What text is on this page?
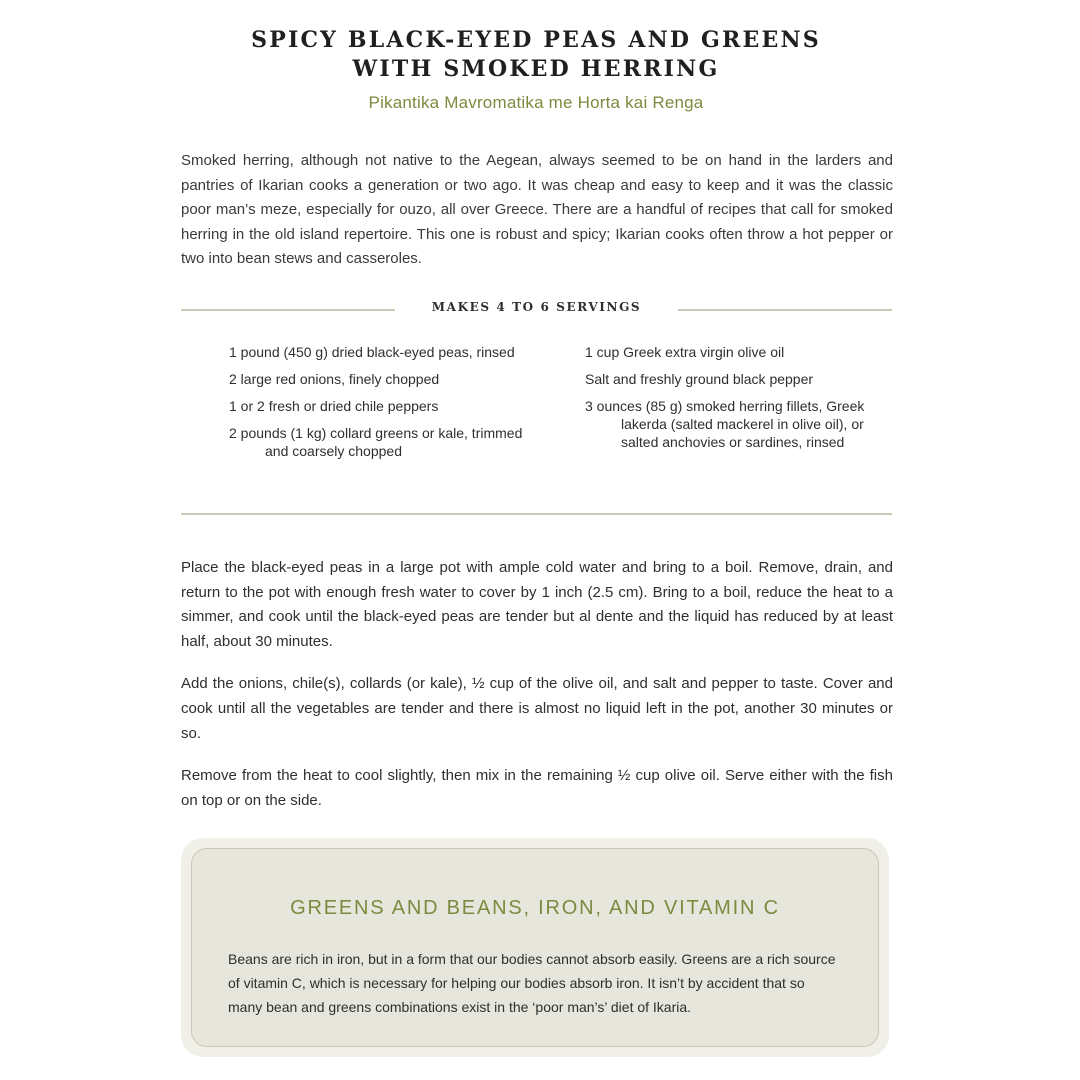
SPICY BLACK-EYED PEAS AND GREENS
WITH SMOKED HERRING
Pikantika Mavromatika me Horta kai Renga
Smoked herring, although not native to the Aegean, always seemed to be on hand in the larders and pantries of Ikarian cooks a generation or two ago. It was cheap and easy to keep and it was the classic poor man’s meze, especially for ouzo, all over Greece. There are a handful of recipes that call for smoked herring in the old island repertoire. This one is robust and spicy; Ikarian cooks often throw a hot pepper or two into bean stews and casseroles.
MAKES 4 TO 6 SERVINGS
1 pound (450 g) dried black-eyed peas, rinsed
2 large red onions, finely chopped
1 or 2 fresh or dried chile peppers
2 pounds (1 kg) collard greens or kale, trimmed and coarsely chopped
1 cup Greek extra virgin olive oil
Salt and freshly ground black pepper
3 ounces (85 g) smoked herring fillets, Greek lakerda (salted mackerel in olive oil), or salted anchovies or sardines, rinsed

Place the black-eyed peas in a large pot with ample cold water and bring to a boil. Remove, drain, and return to the pot with enough fresh water to cover by 1 inch (2.5 cm). Bring to a boil, reduce the heat to a simmer, and cook until the black-eyed peas are tender but al dente and the liquid has reduced by at least half, about 30 minutes.

Add the onions, chile(s), collards (or kale), ½ cup of the olive oil, and salt and pepper to taste. Cover and cook until all the vegetables are tender and there is almost no liquid left in the pot, another 30 minutes or so.

Remove from the heat to cool slightly, then mix in the remaining ½ cup olive oil. Serve either with the fish on top or on the side.

GREENS AND BEANS, IRON, AND VITAMIN C
Beans are rich in iron, but in a form that our bodies cannot absorb easily. Greens are a rich source of vitamin C, which is necessary for helping our bodies absorb iron. It isn’t by accident that so many bean and greens combinations exist in the ‘poor man’s’ diet of Ikaria.
